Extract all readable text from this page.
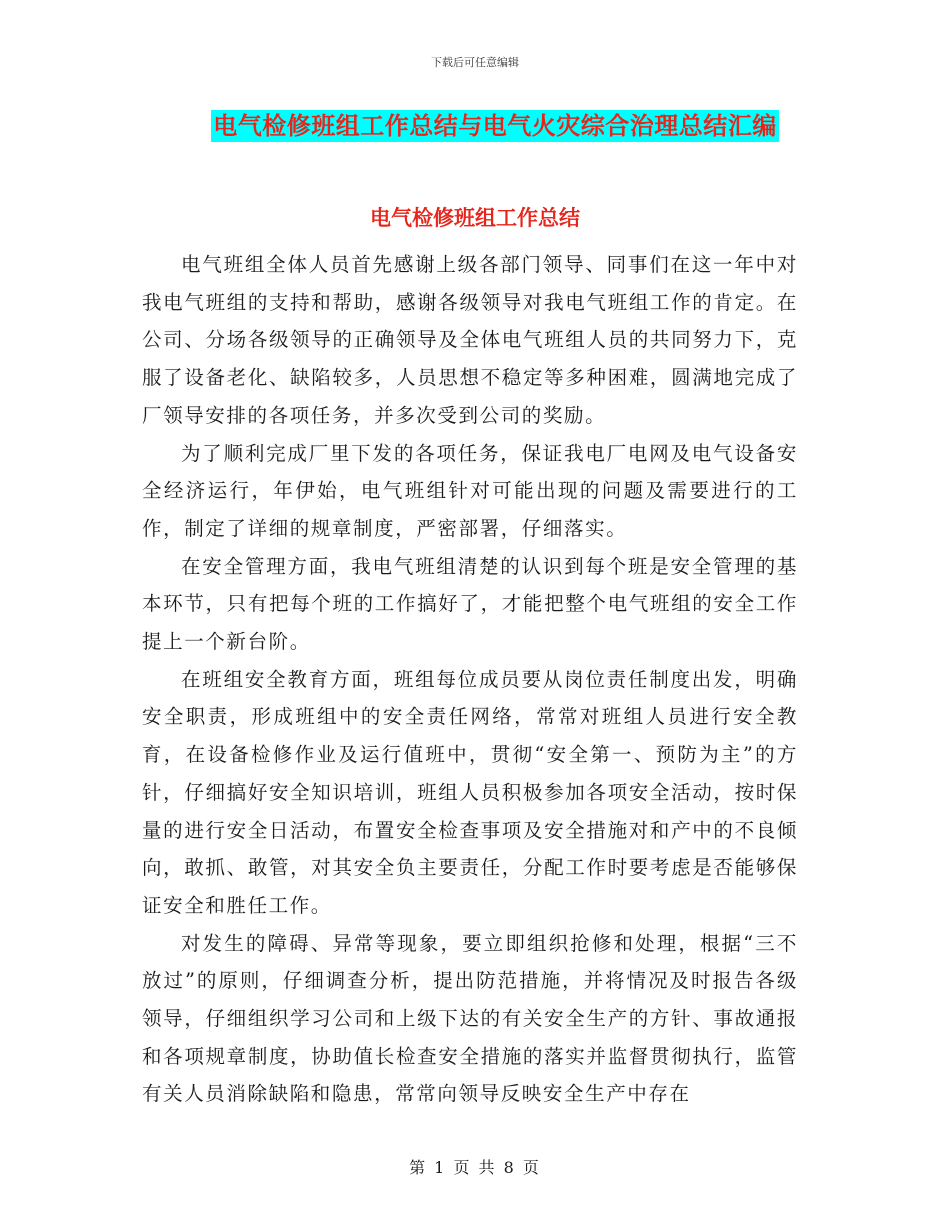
下载后可任意编辑
电气检修班组工作总结与电气火灾综合治理总结汇编
电气检修班组工作总结

电气班组全体人员首先感谢上级各部门领导、同事们在这一年中对我电气班组的支持和帮助，感谢各级领导对我电气班组工作的肯定。在公司、分场各级领导的正确领导及全体电气班组人员的共同努力下，克服了设备老化、缺陷较多，人员思想不稳定等多种困难，圆满地完成了厂领导安排的各项任务，并多次受到公司的奖励。

为了顺利完成厂里下发的各项任务，保证我电厂电网及电气设备安全经济运行，年伊始，电气班组针对可能出现的问题及需要进行的工作，制定了详细的规章制度，严密部署，仔细落实。

在安全管理方面，我电气班组清楚的认识到每个班是安全管理的基本环节，只有把每个班的工作搞好了，才能把整个电气班组的安全工作提上一个新台阶。

在班组安全教育方面，班组每位成员要从岗位责任制度出发，明确安全职责，形成班组中的安全责任网络，常常对班组人员进行安全教育，在设备检修作业及运行值班中，贯彻“安全第一、预防为主”的方针，仔细搞好安全知识培训，班组人员积极参加各项安全活动，按时保量的进行安全日活动，布置安全检查事项及安全措施对和产中的不良倾向，敢抓、敢管，对其安全负主要责任，分配工作时要考虑是否能够保证安全和胜任工作。

对发生的障碍、异常等现象，要立即组织抢修和处理，根据“三不放过”的原则，仔细调查分析，提出防范措施，并将情况及时报告各级领导，仔细组织学习公司和上级下达的有关安全生产的方针、事故通报和各项规章制度，协助值长检查安全措施的落实并监督贯彻执行，监管有关人员消除缺陷和隐患，常常向领导反映安全生产中存在

第 1 页 共 8 页
